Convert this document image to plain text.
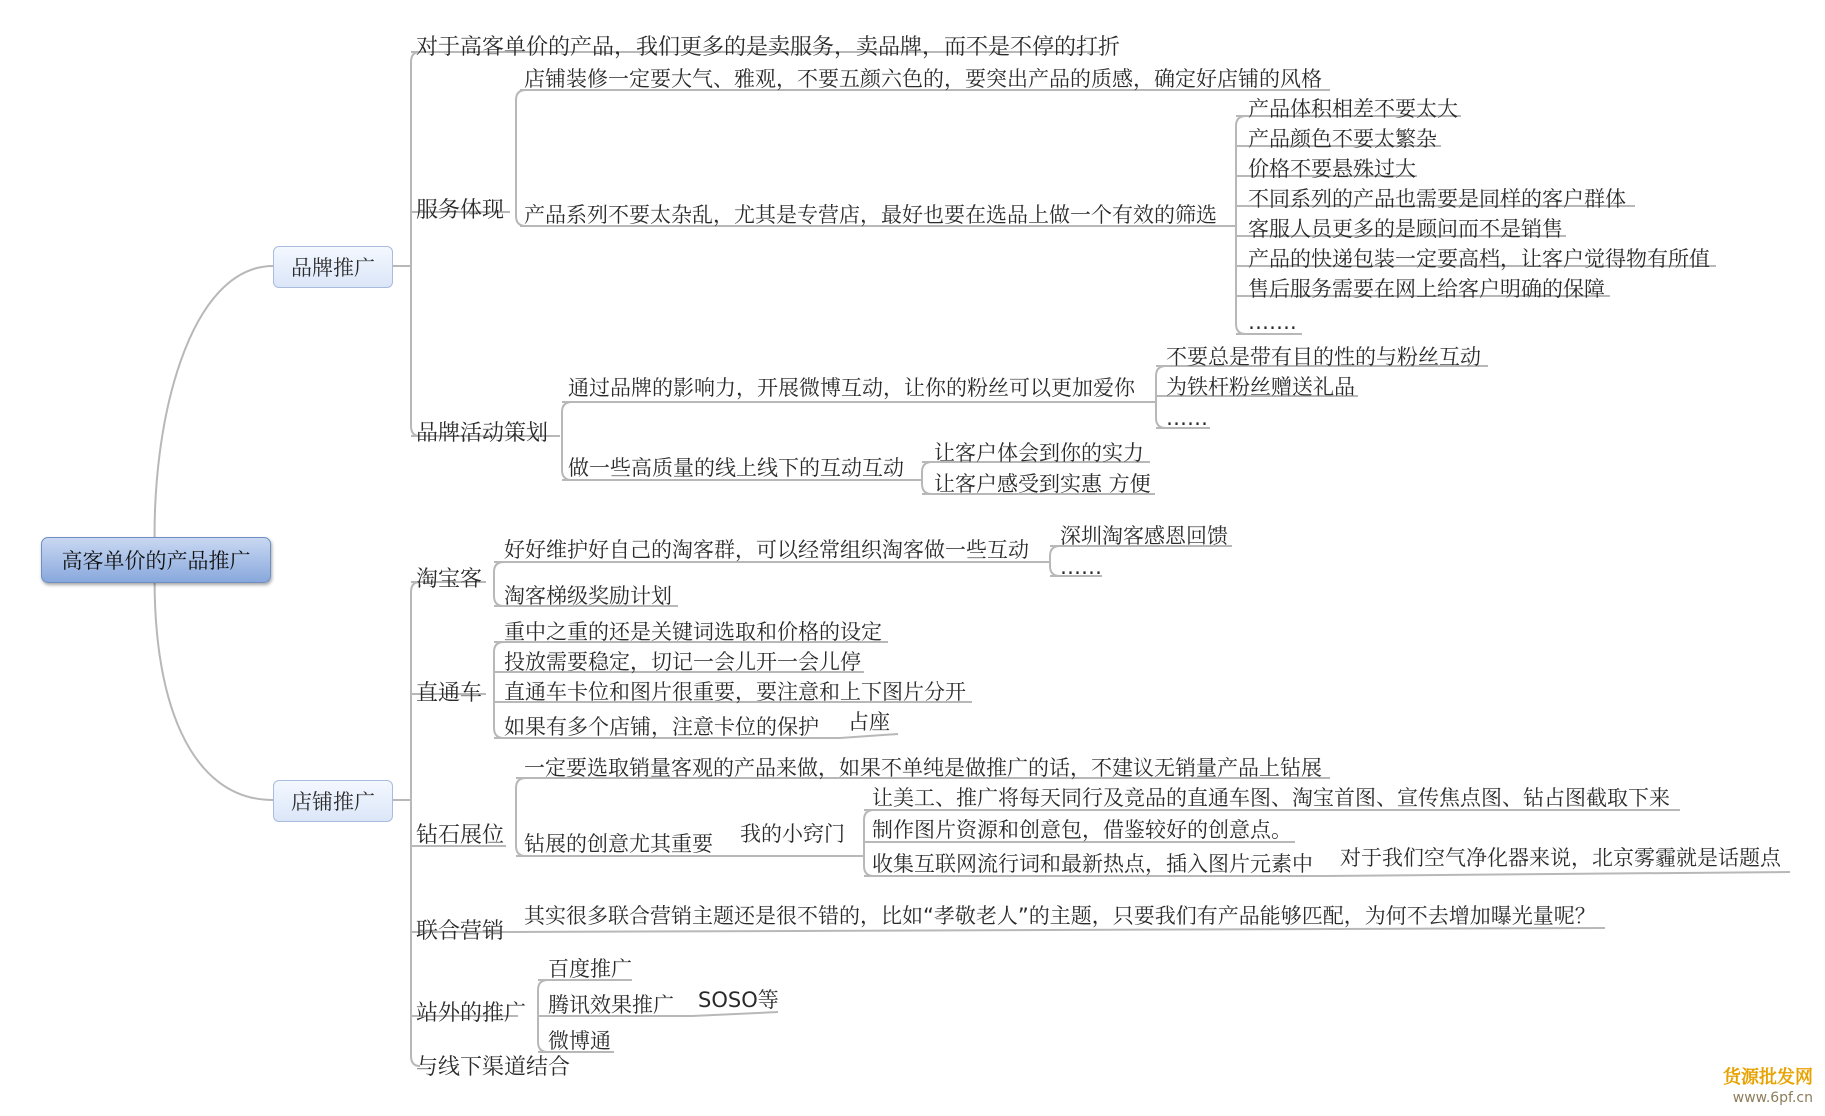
高客单价的产品推广
品牌推广
店铺推广
对于高客单价的产品，我们更多的是卖服务，卖品牌，而不是不停的打折
服务体现
店铺装修一定要大气、雅观，不要五颜六色的，要突出产品的质感，确定好店铺的风格
产品系列不要太杂乱，尤其是专营店，最好也要在选品上做一个有效的筛选
产品体积相差不要太大
产品颜色不要太繁杂
价格不要悬殊过大
不同系列的产品也需要是同样的客户群体
客服人员更多的是顾问而不是销售
产品的快递包装一定要高档，让客户觉得物有所值
售后服务需要在网上给客户明确的保障
…….
品牌活动策划
通过品牌的影响力，开展微博互动，让你的粉丝可以更加爱你
不要总是带有目的性的与粉丝互动
为铁杆粉丝赠送礼品
……
做一些高质量的线上线下的互动互动
让客户体会到你的实力
让客户感受到实惠 方便
淘宝客
好好维护好自己的淘客群，可以经常组织淘客做一些互动
深圳淘客感恩回馈
……
淘客梯级奖励计划
直通车
重中之重的还是关键词选取和价格的设定
投放需要稳定，切记一会儿开一会儿停
直通车卡位和图片很重要，要注意和上下图片分开
如果有多个店铺，注意卡位的保护 占座
钻石展位
一定要选取销量客观的产品来做，如果不单纯是做推广的话，不建议无销量产品上钻展
钻展的创意尤其重要 我的小窍门
让美工、推广将每天同行及竞品的直通车图、淘宝首图、宣传焦点图、钻占图截取下来
制作图片资源和创意包，借鉴较好的创意点。
收集互联网流行词和最新热点，插入图片元素中 对于我们空气净化器来说，北京雾霾就是话题点
联合营销
其实很多联合营销主题还是很不错的，比如“孝敬老人”的主题，只要我们有产品能够匹配，为何不去增加曝光量呢？
站外的推广
百度推广
腾讯效果推广
微博通
SOSO等
与线下渠道结合	货源批发网
www.6pf.cn
